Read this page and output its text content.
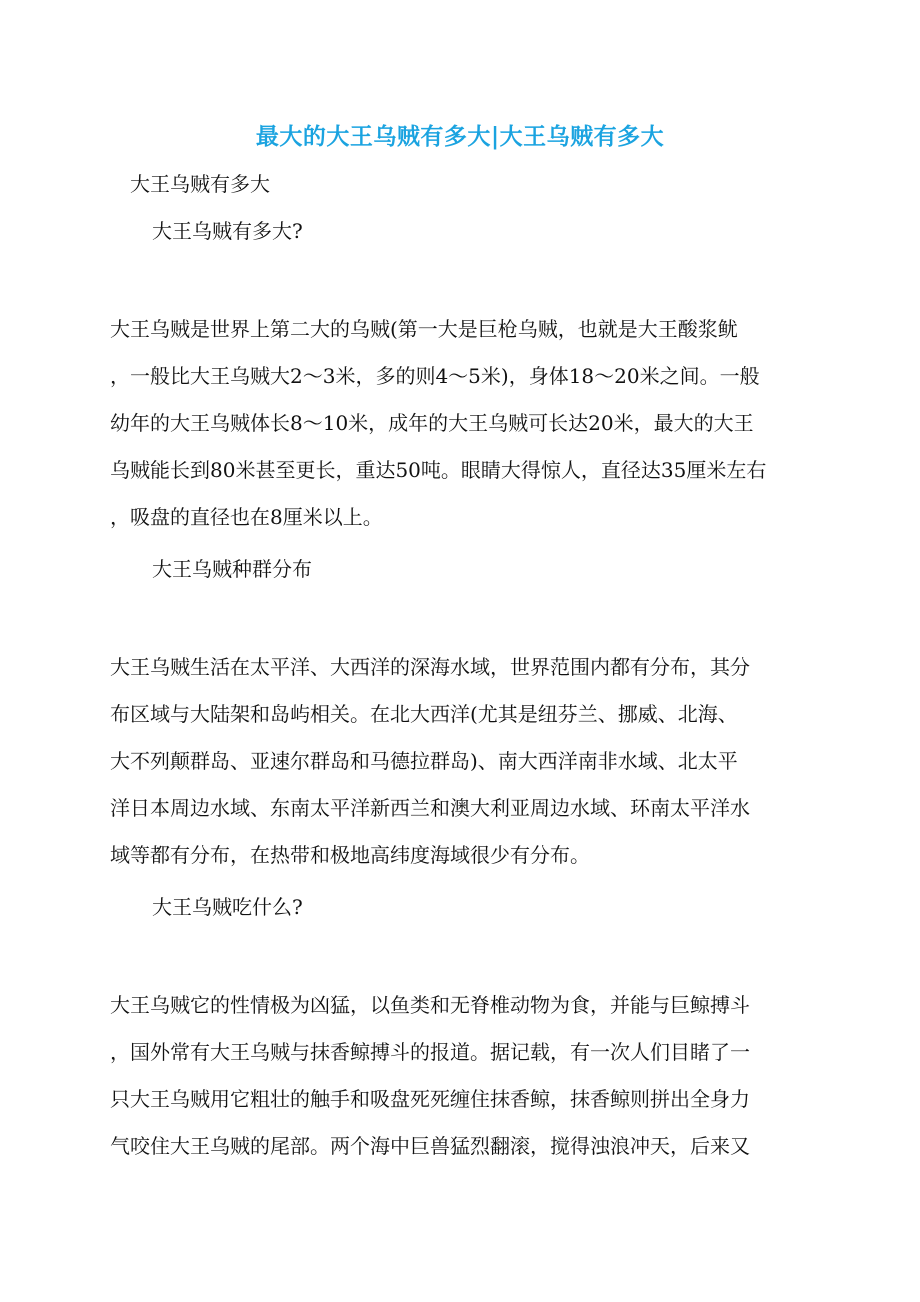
最大的大王乌贼有多大|大王乌贼有多大
大王乌贼有多大
大王乌贼有多大?
大王乌贼是世界上第二大的乌贼(第一大是巨枪乌贼，也就是大王酸浆鱿
，一般比大王乌贼大2～3米，多的则4～5米)，身体18～20米之间。一般
幼年的大王乌贼体长8～10米，成年的大王乌贼可长达20米，最大的大王
乌贼能长到80米甚至更长，重达50吨。眼睛大得惊人，直径达35厘米左右
，吸盘的直径也在8厘米以上。
大王乌贼种群分布
大王乌贼生活在太平洋、大西洋的深海水域，世界范围内都有分布，其分
布区域与大陆架和岛屿相关。在北大西洋(尤其是纽芬兰、挪威、北海、
大不列颠群岛、亚速尔群岛和马德拉群岛)、南大西洋南非水域、北太平
洋日本周边水域、东南太平洋新西兰和澳大利亚周边水域、环南太平洋水
域等都有分布，在热带和极地高纬度海域很少有分布。
大王乌贼吃什么?
大王乌贼它的性情极为凶猛，以鱼类和无脊椎动物为食，并能与巨鲸搏斗
，国外常有大王乌贼与抹香鲸搏斗的报道。据记载，有一次人们目睹了一
只大王乌贼用它粗壮的触手和吸盘死死缠住抹香鲸，抹香鲸则拼出全身力
气咬住大王乌贼的尾部。两个海中巨兽猛烈翻滚，搅得浊浪冲天，后来又
